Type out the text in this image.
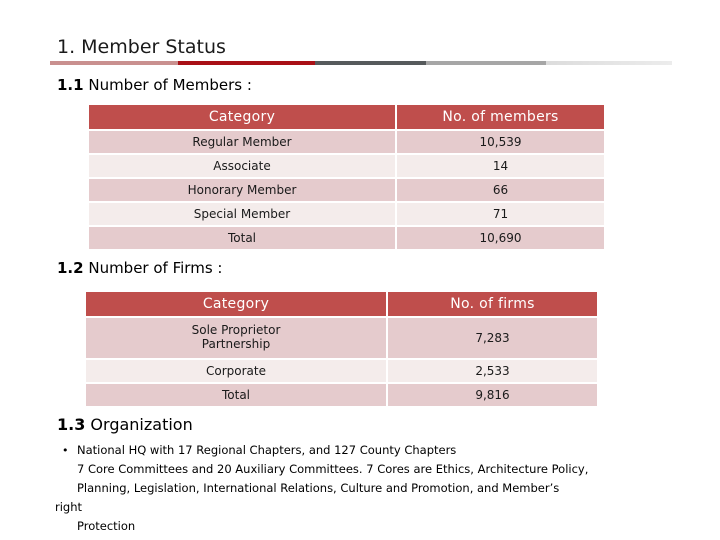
1. Member Status
1.1 Number of Members :
Category		No. of members
Regular Member		10,539
Associate		14
Honorary Member		66
Special Member		71
Total		10,690
1.2 Number of Firms :
Category		No. of firms

Sole Proprietor
Partnership		7,283
Corporate		2,533
Total		9,816
1.3 Organization
• National HQ with 17 Regional Chapters, and 127 County Chapters
7 Core Committees and 20 Auxiliary Committees. 7 Cores are Ethics, Architecture Policy,
Planning, Legislation, International Relations, Culture and Promotion, and Member’s
right
Protection
